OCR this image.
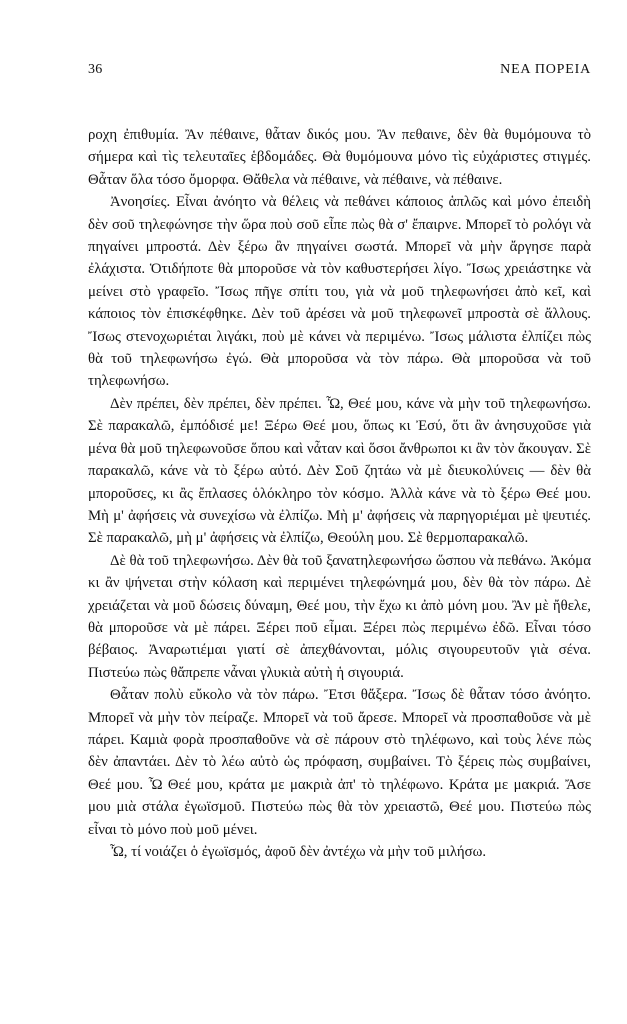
36	ΝΕΑ ΠΟΡΕΙΑ

ροχη ἐπιθυμία. Ἂν πέθαινε, θἆταν δικός μου. Ἂν πεθαινε, δὲν θὰ θυμόμουνα τὸ σήμερα καὶ τὶς τελευταῖες ἑβδομάδες. Θὰ θυμόμουνα μόνο τὶς εὐχάριστες στιγμές. Θἆταν ὅλα τόσο ὄμορφα. Θἄθελα νὰ πέθαινε, νὰ πέθαινε, νὰ πέθαινε.

Ἀνοησίες. Εἶναι ἀνόητο νὰ θέλεις νὰ πεθάνει κάποιος ἁπλῶς καὶ μόνο ἐπειδὴ δὲν σοῦ τηλεφώνησε τὴν ὥρα ποὺ σοῦ εἶπε πὼς θὰ σ' ἔπαιρνε. Μπορεῖ τὸ ρολόγι νὰ πηγαίνει μπροστά. Δὲν ξέρω ἂν πηγαίνει σωστά. Μπορεῖ νὰ μὴν ἄργησε παρὰ ἐλάχιστα. Ὁτιδήποτε θὰ μποροῦσε νὰ τὸν καθυστερήσει λίγο. Ἴσως χρειάστηκε νὰ μείνει στὸ γραφεῖο. Ἴσως πῆγε σπίτι του, γιὰ νὰ μοῦ τηλεφωνήσει ἀπὸ κεῖ, καὶ κάποιος τὸν ἐπισκέφθηκε. Δὲν τοῦ ἀρέσει νὰ μοῦ τηλεφωνεῖ μπροστὰ σὲ ἄλλους. Ἴσως στενοχωριέται λιγάκι, ποὺ μὲ κάνει νὰ περιμένω. Ἴσως μάλιστα ἐλπίζει πὼς θὰ τοῦ τηλεφωνήσω ἐγώ. Θὰ μποροῦσα νὰ τὸν πάρω. Θὰ μποροῦσα νὰ τοῦ τηλεφωνήσω.

Δὲν πρέπει, δὲν πρέπει, δὲν πρέπει. Ὦ, Θεέ μου, κάνε νὰ μὴν τοῦ τηλεφωνήσω. Σὲ παρακαλῶ, ἐμπόδισέ με! Ξέρω Θεέ μου, ὅπως κι Ἐσύ, ὅτι ἂν ἀνησυχοῦσε γιὰ μένα θὰ μοῦ τηλεφωνοῦσε ὅπου καὶ νἆταν καὶ ὅσοι ἄνθρωποι κι ἂν τὸν ἄκουγαν. Σὲ παρακαλῶ, κάνε νὰ τὸ ξέρω αὐτό. Δὲν Σοῦ ζητάω νὰ μὲ διευκολύνεις — δὲν θὰ μποροῦσες, κι ἂς ἔπλασες ὁλόκληρο τὸν κόσμο. Ἀλλὰ κάνε νὰ τὸ ξέρω Θεέ μου. Μὴ μ' ἀφήσεις νὰ συνεχίσω νὰ ἐλπίζω. Μὴ μ' ἀφήσεις νὰ παρηγοριέμαι μὲ ψευτιές. Σὲ παρακαλῶ, μὴ μ' ἀφήσεις νὰ ἐλπίζω, Θεούλη μου. Σὲ θερμοπαρακαλῶ.

Δὲ θὰ τοῦ τηλεφωνήσω. Δὲν θὰ τοῦ ξανατηλεφωνήσω ὥσπου νὰ πεθάνω. Ἀκόμα κι ἂν ψήνεται στὴν κόλαση καὶ περιμένει τηλεφώνημά μου, δὲν θὰ τὸν πάρω. Δὲ χρειάζεται νὰ μοῦ δώσεις δύναμη, Θεέ μου, τὴν ἔχω κι ἀπὸ μόνη μου. Ἂν μὲ ἤθελε, θὰ μποροῦσε νὰ μὲ πάρει. Ξέρει ποῦ εἶμαι. Ξέρει πὼς περιμένω ἐδῶ. Εἶναι τόσο βέβαιος. Ἀναρωτιέμαι γιατί σὲ ἀπεχθάνονται, μόλις σιγουρευτοῦν γιὰ σένα. Πιστεύω πὼς θἄπρεπε νἆναι γλυκιὰ αὐτὴ ἡ σιγουριά.

Θἆταν πολὺ εὔκολο νὰ τὸν πάρω. Ἔτσι θἄξερα. Ἴσως δὲ θἆταν τόσο ἀνόητο. Μπορεῖ νὰ μὴν τὸν πείραζε. Μπορεῖ νὰ τοῦ ἄρεσε. Μπορεῖ νὰ προσπαθοῦσε νὰ μὲ πάρει. Καμιὰ φορὰ προσπαθοῦνε νὰ σὲ πάρουν στὸ τηλέφωνο, καὶ τοὺς λένε πὼς δὲν ἀπαντάει. Δὲν τὸ λέω αὐτὸ ὡς πρόφαση, συμβαίνει. Τὸ ξέρεις πὼς συμβαίνει, Θεέ μου. Ὦ Θεέ μου, κράτα με μακριὰ ἀπ' τὸ τηλέφωνο. Κράτα με μακριά. Ἄσε μου μιὰ στάλα ἐγωϊσμοῦ. Πιστεύω πὼς θὰ τὸν χρειαστῶ, Θεέ μου. Πιστεύω πὼς εἶναι τὸ μόνο ποὺ μοῦ μένει.

Ὦ, τί νοιάζει ὁ ἐγωϊσμός, ἀφοῦ δὲν ἀντέχω νὰ μὴν τοῦ μιλήσω.
